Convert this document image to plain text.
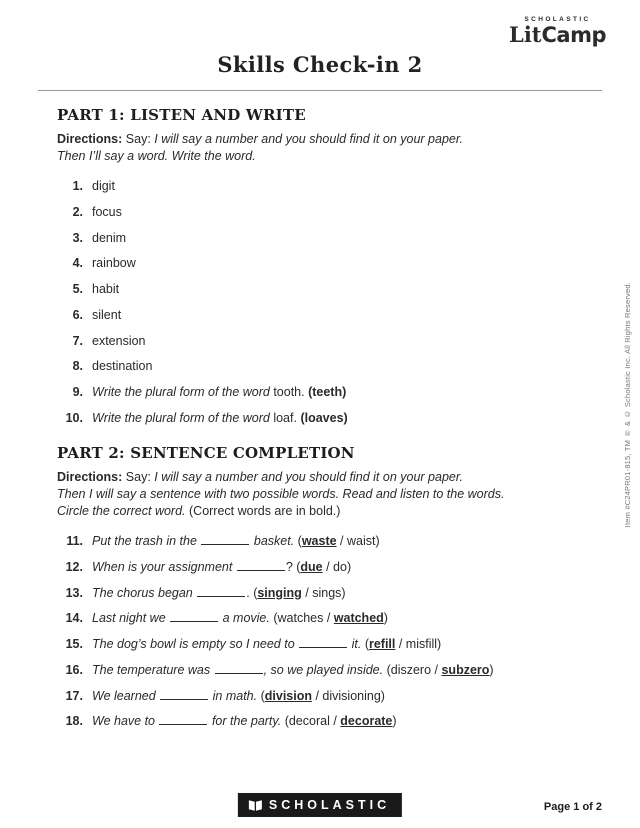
SCHOLASTIC
LitCamp
Skills Check-in 2
PART 1: LISTEN AND WRITE

Directions: Say: I will say a number and you should find it on your paper.
Then I’ll say a word. Write the word.

1. digit
2. focus
3. denim
4. rainbow
5. habit
6. silent
7. extension
8. destination
9. Write the plural form of the word tooth. (teeth)
10. Write the plural form of the word loaf. (loaves)
PART 2: SENTENCE COMPLETION

Directions: Say: I will say a number and you should find it on your paper.
Then I will say a sentence with two possible words. Read and listen to the words.
Circle the correct word. (Correct words are in bold.)

11. Put the trash in the	basket. (waste / waist)
12. When is your assignment	? (due / do)
13. The chorus began	. (singing / sings)
14. Last night we	a movie. (watches / watched)
15. The dog’s bowl is empty so I need to	it. (refill / misfill)
16. The temperature was	, so we played inside. (diszero / subzero)
17. We learned	in math. (division / divisioning)
18. We have to	for the party. (decoral / decorate)
Item #C24PR01-815, TM ® & © Scholastic Inc. All Rights Reserved.
SCHOLASTIC	Page 1 of 2
